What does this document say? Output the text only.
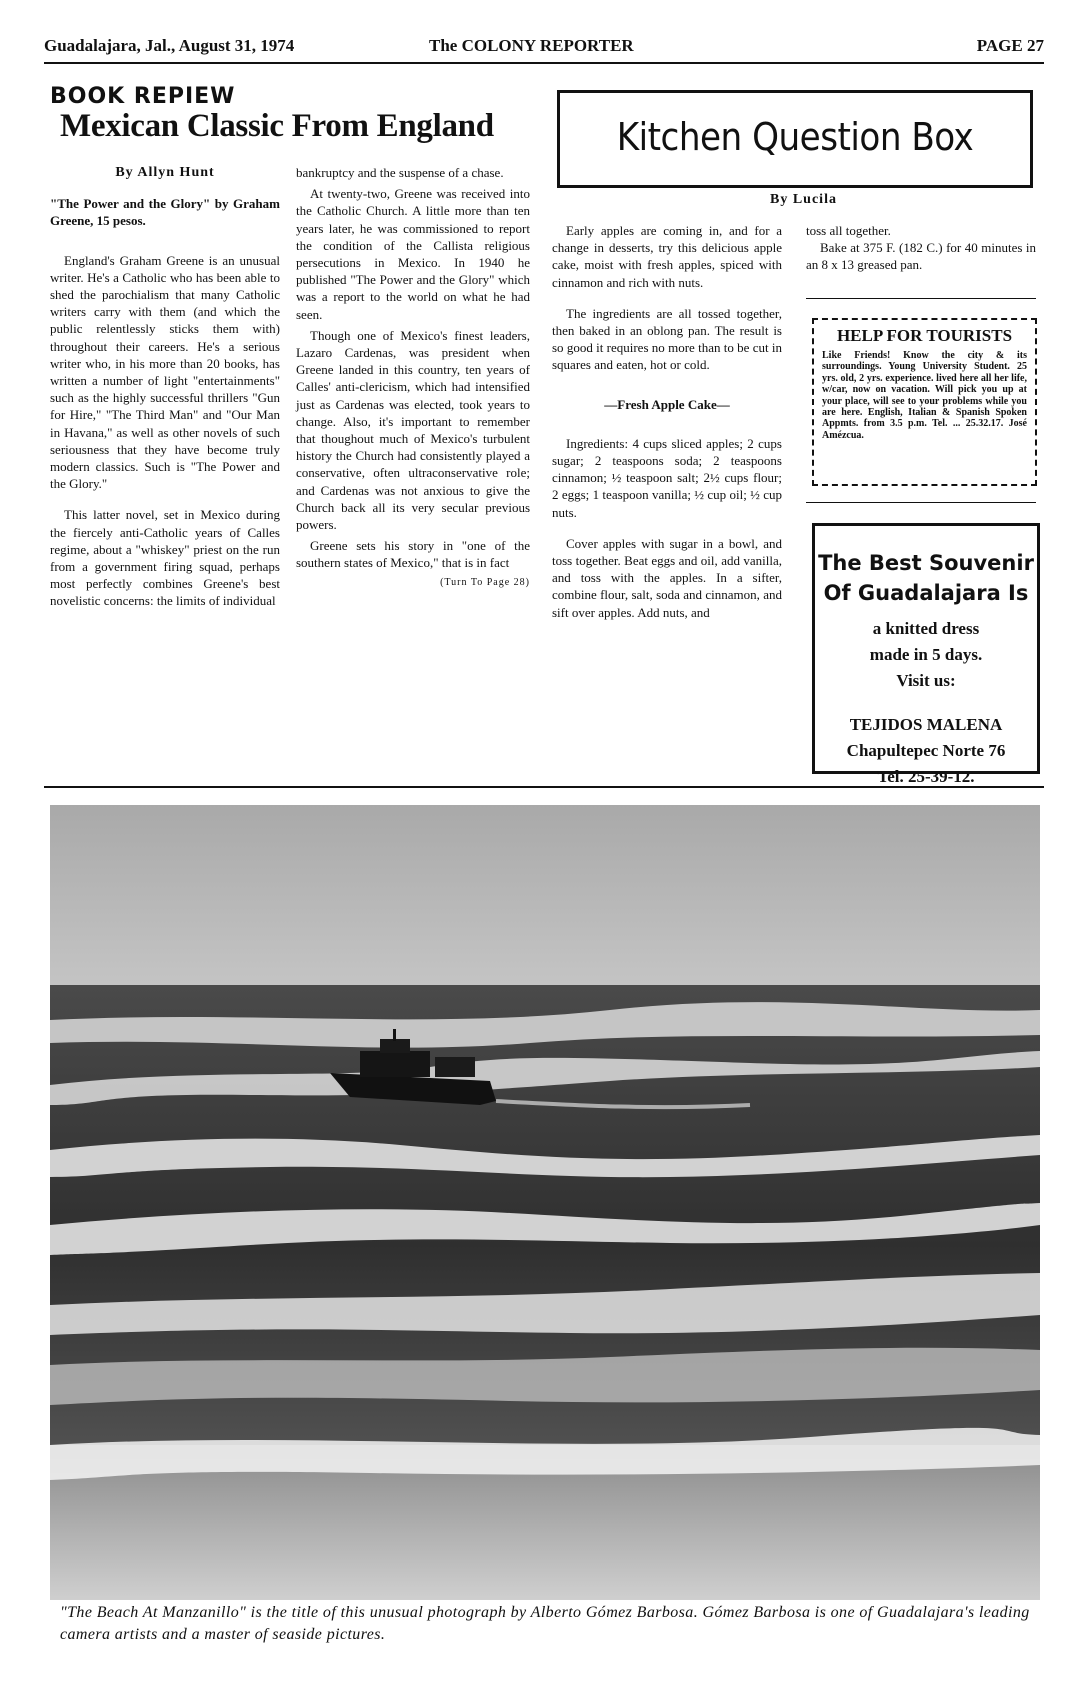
Guadalajara, Jal., August 31, 1974	The COLONY REPORTER	PAGE 27
BOOK REPIEW
Mexican Classic From England

By Allyn Hunt

"The Power and the Glory" by Graham Greene, 15 pesos.

England's Graham Greene is an unusual writer. He's a Catholic who has been able to shed the parochialism that many Catholic writers carry with them (and which the public relentlessly sticks them with) throughout their careers. He's a serious writer who, in his more than 20 books, has written a number of light "entertainments" such as the highly successful thrillers "Gun for Hire," "The Third Man" and "Our Man in Havana," as well as other novels of such seriousness that they have become truly modern classics. Such is "The Power and the Glory."

This latter novel, set in Mexico during the fiercely anti-Catholic years of Calles regime, about a "whiskey" priest on the run from a government firing squad, perhaps most perfectly combines Greene's best novelistic concerns: the limits of individual

bankruptcy and the suspense of a chase.

At twenty-two, Greene was received into the Catholic Church. A little more than ten years later, he was commissioned to report the condition of the Callista religious persecutions in Mexico. In 1940 he published "The Power and the Glory" which was a report to the world on what he had seen.

Though one of Mexico's finest leaders, Lazaro Cardenas, was president when Greene landed in this country, ten years of Calles' anti-clericism, which had intensified just as Cardenas was elected, took years to change. Also, it's important to remember that thoughout much of Mexico's turbulent history the Church had consistently played a conservative, often ultraconservative role; and Cardenas was not anxious to give the Church back all its very secular previous powers.

Greene sets his story in "one of the southern states of Mexico," that is in fact

(Turn To Page 28)
Kitchen Question Box
By Lucila

Early apples are coming in, and for a change in desserts, try this delicious apple cake, moist with fresh apples, spiced with cinnamon and rich with nuts.

The ingredients are all tossed together, then baked in an oblong pan. The result is so good it requires no more than to be cut in squares and eaten, hot or cold.

—Fresh Apple Cake—

Ingredients: 4 cups sliced apples; 2 cups sugar; 2 teaspoons soda; 2 teaspoons cinnamon; ½ teaspoon salt; 2½ cups flour; 2 eggs; 1 teaspoon vanilla; ½ cup oil; ½ cup nuts.

Cover apples with sugar in a bowl, and toss together. Beat eggs and oil, add vanilla, and toss with the apples. In a sifter, combine flour, salt, soda and cinnamon, and sift over apples. Add nuts, and

toss all together.

Bake at 375 F. (182 C.) for 40 minutes in an 8 x 13 greased pan.

HELP FOR TOURISTS
Like Friends! Know the city & its surroundings. Young University Student. 25 yrs. old, 2 yrs. experience. lived here all her life, w/car, now on vacation. Will pick you up at your place, will see to your problems while you are here. English, Italian & Spanish Spoken Appmts. from 3.5 p.m. Tel. ... 25.32.17. José Amézcua.
The Best Souvenir
Of Guadalajara Is
a knitted dress
made in 5 days.
Visit us:
TEJIDOS MALENA
Chapultepec Norte 76
Tel. 25-39-12.
"The Beach At Manzanillo" is the title of this unusual photograph by Alberto Gómez Barbosa. Gómez Barbosa is one of Guadalajara's leading camera artists and a master of seaside pictures.
